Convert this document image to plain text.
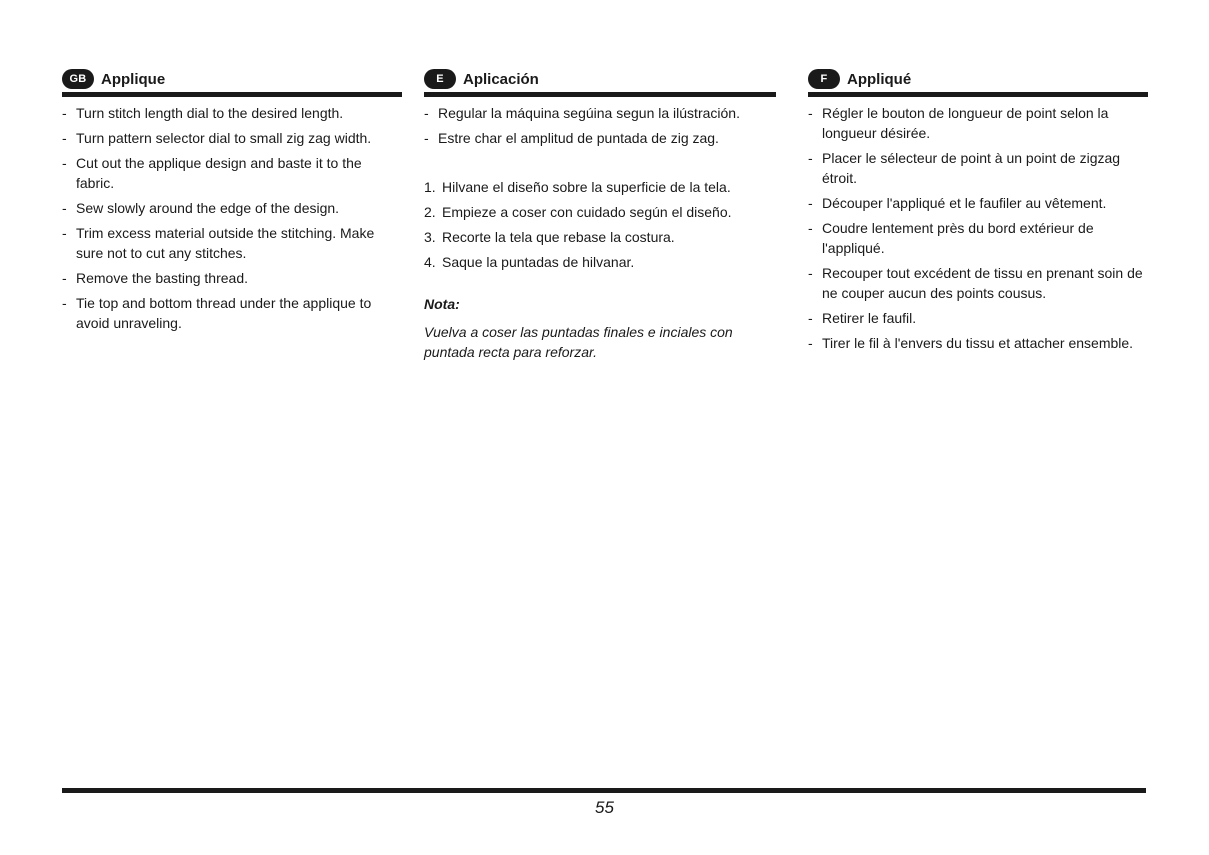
GB Applique
- Turn stitch length dial to the desired length.
- Turn pattern selector dial to small zig zag width.
- Cut out the applique design and baste it to the fabric.
- Sew slowly around the edge of the design.
- Trim excess material outside the stitching. Make sure not to cut any stitches.
- Remove the basting thread.
- Tie top and bottom thread under the applique to avoid unraveling.
E Aplicación
- Regular la máquina segúina segun la ilústración.
- Estre char el amplitud de puntada de zig zag.
1. Hilvane el diseño sobre la superficie de la tela.
2. Empieze a coser con cuidado según el diseño.
3. Recorte la tela que rebase la costura.
4. Saque la puntadas de hilvanar.
Nota:
Vuelva a coser las puntadas finales e inciales con puntada recta para reforzar.
F Appliqué
- Régler le bouton de longueur de point selon la longueur désirée.
- Placer le sélecteur de point à un point de zigzag étroit.
- Découper l'appliqué et le faufiler au vêtement.
- Coudre lentement près du bord extérieur de l'appliqué.
- Recouper tout excédent de tissu en prenant soin de ne couper aucun des points cousus.
- Retirer le faufil.
- Tirer le fil à l'envers du tissu et attacher ensemble.
55
